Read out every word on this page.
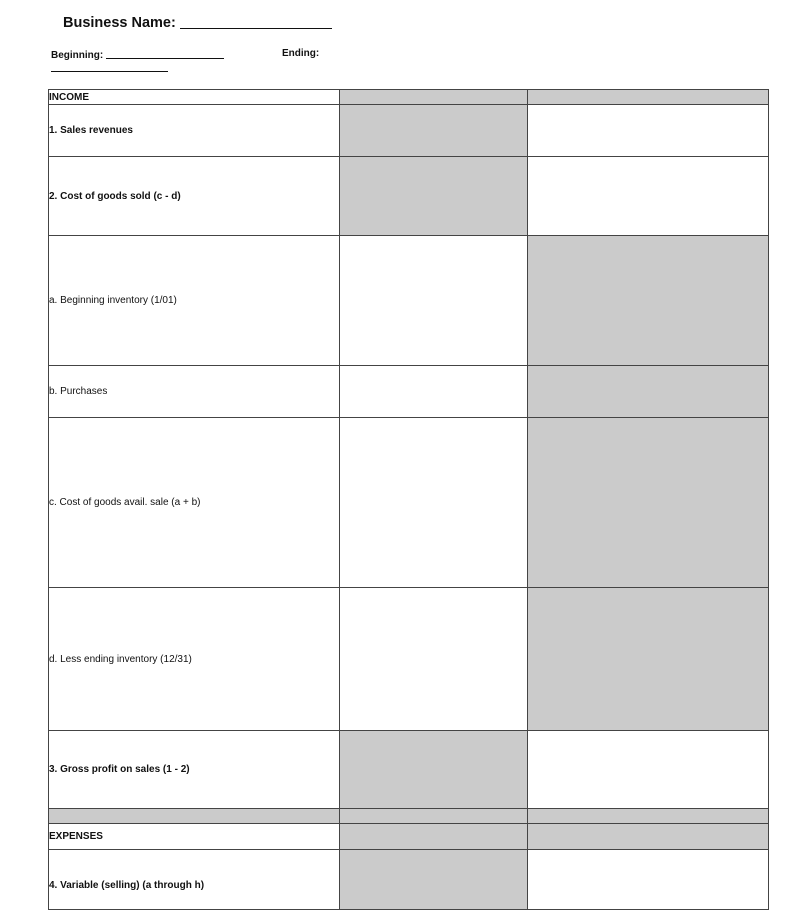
Business Name:
Beginning:	Ending:
INCOME		
1. Sales revenues		
2. Cost of goods sold (c - d)		
a. Beginning inventory (1/01)		
b. Purchases		
c. Cost of goods avail. sale (a + b)		
d. Less ending inventory (12/31)		
3. Gross profit on sales (1 - 2)		

EXPENSES		

4. Variable (selling) (a through h)		
